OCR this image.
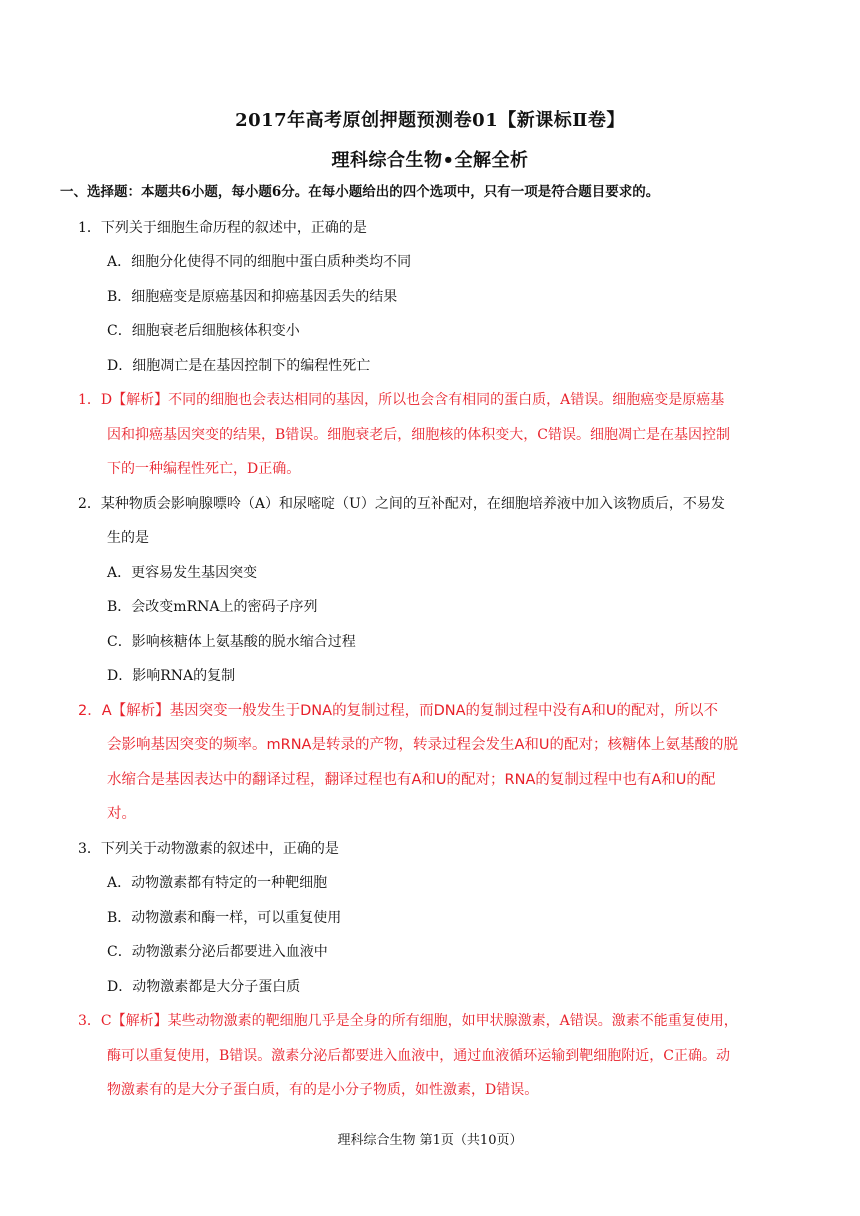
2017年高考原创押题预测卷01【新课标Ⅱ卷】
理科综合生物•全解全析
一、选择题：本题共6小题，每小题6分。在每小题给出的四个选项中，只有一项是符合题目要求的。
1．下列关于细胞生命历程的叙述中，正确的是
A．细胞分化使得不同的细胞中蛋白质种类均不同
B．细胞癌变是原癌基因和抑癌基因丢失的结果
C．细胞衰老后细胞核体积变小
D．细胞凋亡是在基因控制下的编程性死亡
1．D【解析】不同的细胞也会表达相同的基因，所以也会含有相同的蛋白质，A错误。细胞癌变是原癌基
因和抑癌基因突变的结果，B错误。细胞衰老后，细胞核的体积变大，C错误。细胞凋亡是在基因控制
下的一种编程性死亡，D正确。
2．某种物质会影响腺嘌呤（A）和尿嘧啶（U）之间的互补配对，在细胞培养液中加入该物质后，不易发
生的是
A．更容易发生基因突变
B．会改变mRNA上的密码子序列
C．影响核糖体上氨基酸的脱水缩合过程
D．影响RNA的复制
2．A【解析】基因突变一般发生于DNA的复制过程，而DNA的复制过程中没有A和U的配对，所以不
会影响基因突变的频率。mRNA是转录的产物，转录过程会发生A和U的配对；核糖体上氨基酸的脱
水缩合是基因表达中的翻译过程，翻译过程也有A和U的配对；RNA的复制过程中也有A和U的配
对。
3．下列关于动物激素的叙述中，正确的是
A．动物激素都有特定的一种靶细胞
B．动物激素和酶一样，可以重复使用
C．动物激素分泌后都要进入血液中
D．动物激素都是大分子蛋白质
3．C【解析】某些动物激素的靶细胞几乎是全身的所有细胞，如甲状腺激素，A错误。激素不能重复使用，
酶可以重复使用，B错误。激素分泌后都要进入血液中，通过血液循环运输到靶细胞附近，C正确。动
物激素有的是大分子蛋白质，有的是小分子物质，如性激素，D错误。
理科综合生物 第1页（共10页）
